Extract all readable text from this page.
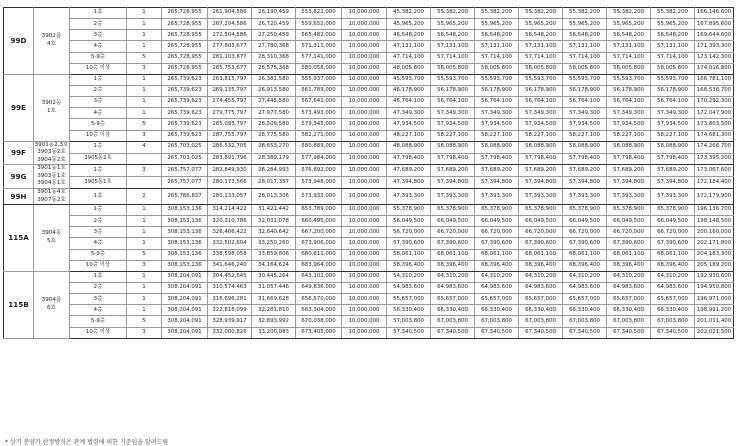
99D	3902동
4호	1층	1	265,728,955	261,904,586	26,190,459	553,822,000	10,000,000	45,382,200	55,382,200	55,382,200	55,382,200	55,382,200	55,382,200	55,382,200	166,146,600
		2층	1	265,728,955	267,204,586	26,720,459	559,652,000	10,000,000	45,965,200	55,965,200	55,965,200	55,965,200	55,965,200	55,965,200	55,965,200	167,895,600
		3층	1	265,728,955	272,504,586	27,250,459	565,482,000	10,000,000	46,548,200	56,548,200	56,548,200	56,548,200	56,548,200	56,548,200	56,548,200	169,644,600
		4층	1	265,728,955	277,803,677	27,780,368	571,311,000	10,000,000	47,131,100	57,131,100	57,131,100	57,131,100	57,131,100	57,131,100	57,131,100	171,393,300
		5-9층	5	265,728,955	281,103,677	28,310,368	577,141,000	10,000,000	47,714,100	57,714,100	57,714,100	57,714,100	57,714,100	57,714,100	57,714,100	173,142,300
		10층 이상	3	265,728,955	285,753,677	28,575,368	580,058,000	10,000,000	48,005,800	58,005,800	58,005,800	58,005,800	58,005,800	58,005,800	58,005,800	174,016,800
99E	3902동
1호	1층	1	265,739,623	263,815,797	26,381,580	555,937,000	10,000,000	45,593,700	55,593,700	55,593,700	55,593,700	55,593,700	55,593,700	55,593,700	166,781,100
		2층	1	265,739,623	269,135,797	26,913,580	561,789,000	10,000,000	46,178,900	56,178,900	56,178,900	56,178,900	56,178,900	56,178,900	56,178,900	168,536,700
		3층	1	265,739,623	274,455,797	27,445,580	567,641,000	10,000,000	46,764,100	56,764,100	56,764,100	56,764,100	56,764,100	56,764,100	56,764,100	170,292,300
		4층	1	265,739,623	279,775,797	27,977,580	573,493,000	10,000,000	47,349,300	57,349,300	57,349,300	57,349,300	57,349,300	57,349,300	57,349,300	172,047,900
		5-9층	5	265,739,623	285,095,797	28,509,580	579,345,000	10,000,000	47,934,500	57,934,500	57,934,500	57,934,500	57,934,500	57,934,500	57,934,500	173,803,500
		10층 이상	3	265,739,623	287,755,797	28,775,580	582,271,000	10,000,000	48,227,100	58,227,100	58,227,100	58,227,100	58,227,100	58,227,100	58,227,100	174,681,300
99F	3901동2,3호
3903동2호
3904동2호	1층	4	265,703,025	286,532,705	28,653,270	580,889,000	10,000,000	48,088,900	58,088,900	58,088,900	58,088,900	58,088,900	58,088,900	58,088,900	174,266,700
		3905동2호		265,703,025	283,891,796	28,389,179	577,984,000	10,000,000	47,798,400	57,798,400	57,798,400	57,798,400	57,798,400	57,798,400	57,798,400	173,395,200
99G	3901동1호
3903동1호
3904동1호	1층	3	265,757,077	282,849,930	28,284,993	576,892,000	10,000,000	47,689,200	57,689,200	57,689,200	57,689,200	57,689,200	57,689,200	57,689,200	173,067,600
		3905동1호		265,757,077	280,173,566	28,017,357	573,948,000	10,000,000	47,394,800	57,394,800	57,394,800	57,394,800	57,394,800	57,394,800	57,394,800	172,184,400
99H	3901동4호
3907동2호	1층	2	265,786,837	280,133,057	28,013,306	573,933,000	10,000,000	47,393,300	57,393,300	57,393,300	57,393,300	57,393,300	57,393,300	57,393,300	172,179,900
115A	3904동
5호	1층	1	308,153,136	314,214,422	31,421,442	653,789,000	10,000,000	55,378,900	65,378,900	65,378,900	65,378,900	65,378,900	65,378,900	65,378,900	196,136,700
		2층	1	308,153,136	320,310,786	32,031,078	660,495,000	10,000,000	56,049,500	66,049,500	66,049,500	66,049,500	66,049,500	66,049,500	66,049,500	198,148,500
		3층	1	308,153,136	326,406,422	32,640,642	667,200,000	10,000,000	56,720,000	66,720,000	66,720,000	66,720,000	66,720,000	66,720,000	66,720,000	200,160,000
		4층	1	308,153,136	332,502,604	33,250,260	673,906,000	10,000,000	57,390,600	67,390,600	67,390,600	67,390,600	67,390,600	67,390,600	67,390,600	202,171,800
		5-9층	5	308,153,136	338,598,058	33,859,806	680,611,000	10,000,000	58,061,100	68,061,100	68,061,100	68,061,100	68,061,100	68,061,100	68,061,100	204,183,300
		10층 이상	3	308,153,136	341,646,240	34,164,624	683,964,000	10,000,000	58,396,400	68,396,400	68,396,400	68,396,400	68,396,400	68,396,400	68,396,400	205,189,200
115B	3904동
6호	1층	1	308,204,091	304,452,645	30,445,264	643,102,000	10,000,000	54,310,200	64,310,200	64,310,200	64,310,200	64,310,200	64,310,200	64,310,200	192,930,600
		2층	1	308,204,091	310,574,463	31,057,446	649,836,000	10,000,000	54,983,600	64,983,600	64,983,600	64,983,600	64,983,600	64,983,600	64,983,600	194,950,800
		3층	1	308,204,091	316,696,281	31,669,628	656,570,000	10,000,000	55,657,000	65,657,000	65,657,000	65,657,000	65,657,000	65,657,000	65,657,000	196,971,000
		4층	1	308,204,091	322,818,099	32,281,810	663,304,000	10,000,000	56,330,400	66,330,400	66,330,400	66,330,400	66,330,400	66,330,400	66,330,400	198,991,200
		5-9층	5	308,204,091	328,939,917	32,893,992	670,038,000	10,000,000	57,003,800	67,003,800	67,003,800	67,003,800	67,003,800	67,003,800	67,003,800	201,011,400
		10층 이상	3	308,204,091	332,000,826	33,200,083	673,405,000	10,000,000	57,340,500	67,340,500	67,340,500	67,340,500	67,340,500	67,340,500	67,340,500	202,021,500
* 상기 분양가 산정방식은 관계 법령에 의한 기준임을 알려드림
